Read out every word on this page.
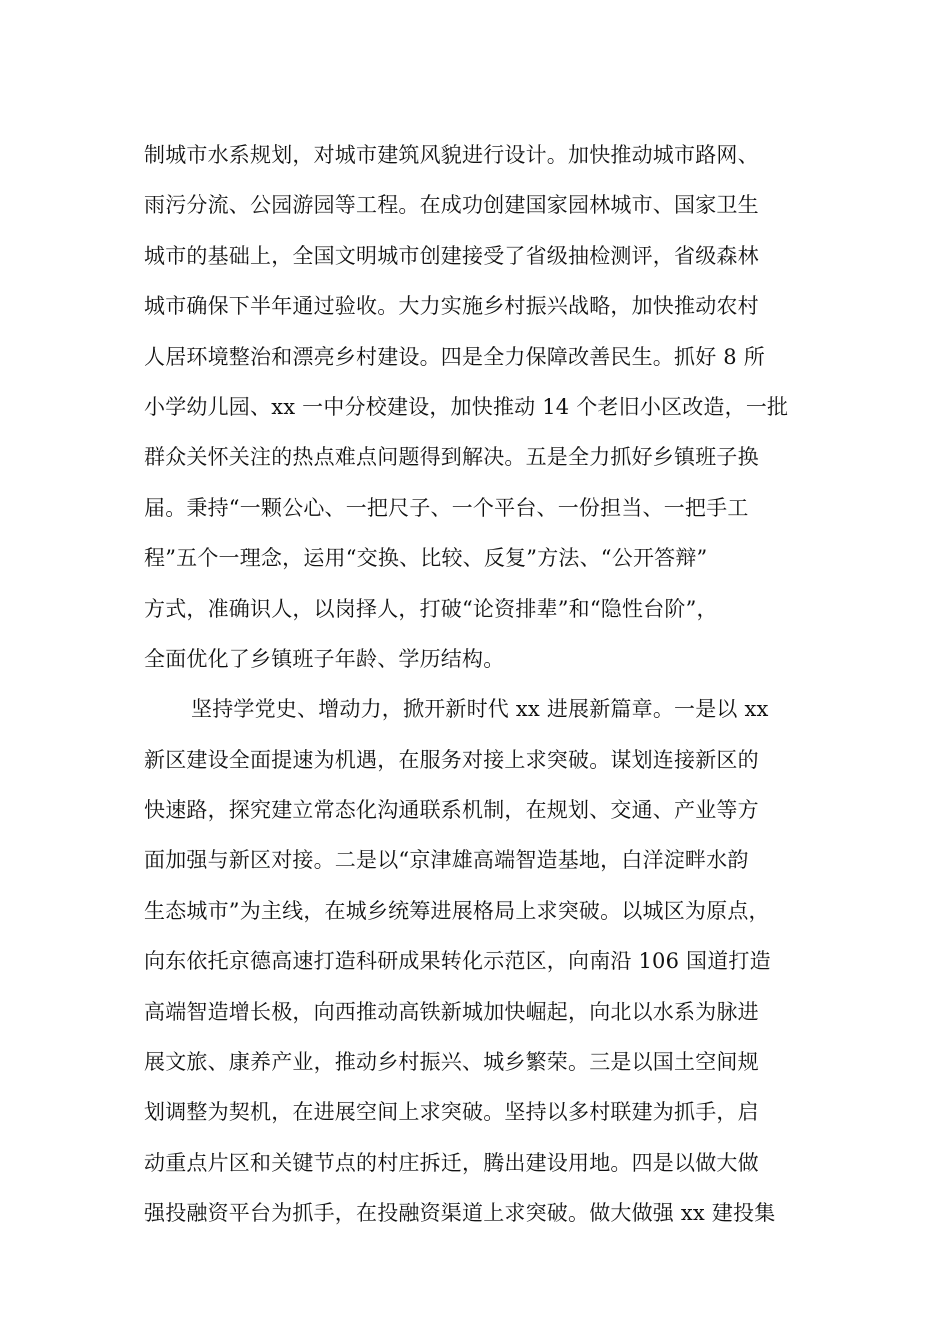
制城市水系规划，对城市建筑风貌进行设计。加快推动城市路网、
雨污分流、公园游园等工程。在成功创建国家园林城市、国家卫生
城市的基础上，全国文明城市创建接受了省级抽检测评，省级森林
城市确保下半年通过验收。大力实施乡村振兴战略，加快推动农村
人居环境整治和漂亮乡村建设。四是全力保障改善民生。抓好 8 所
小学幼儿园、xx 一中分校建设，加快推动 14 个老旧小区改造，一批
群众关怀关注的热点难点问题得到解决。五是全力抓好乡镇班子换
届。秉持“一颗公心、一把尺子、一个平台、一份担当、一把手工
程”五个一理念，运用“交换、比较、反复”方法、“公开答辩”
方式，准确识人，以岗择人，打破“论资排辈”和“隐性台阶”，
全面优化了乡镇班子年龄、学历结构。
坚持学党史、增动力，掀开新时代 xx 进展新篇章。一是以 xx
新区建设全面提速为机遇，在服务对接上求突破。谋划连接新区的
快速路，探究建立常态化沟通联系机制，在规划、交通、产业等方
面加强与新区对接。二是以“京津雄高端智造基地，白洋淀畔水韵
生态城市”为主线，在城乡统筹进展格局上求突破。以城区为原点，
向东依托京德高速打造科研成果转化示范区，向南沿 106 国道打造
高端智造增长极，向西推动高铁新城加快崛起，向北以水系为脉进
展文旅、康养产业，推动乡村振兴、城乡繁荣。三是以国土空间规
划调整为契机，在进展空间上求突破。坚持以多村联建为抓手，启
动重点片区和关键节点的村庄拆迁，腾出建设用地。四是以做大做
强投融资平台为抓手，在投融资渠道上求突破。做大做强 xx 建投集
